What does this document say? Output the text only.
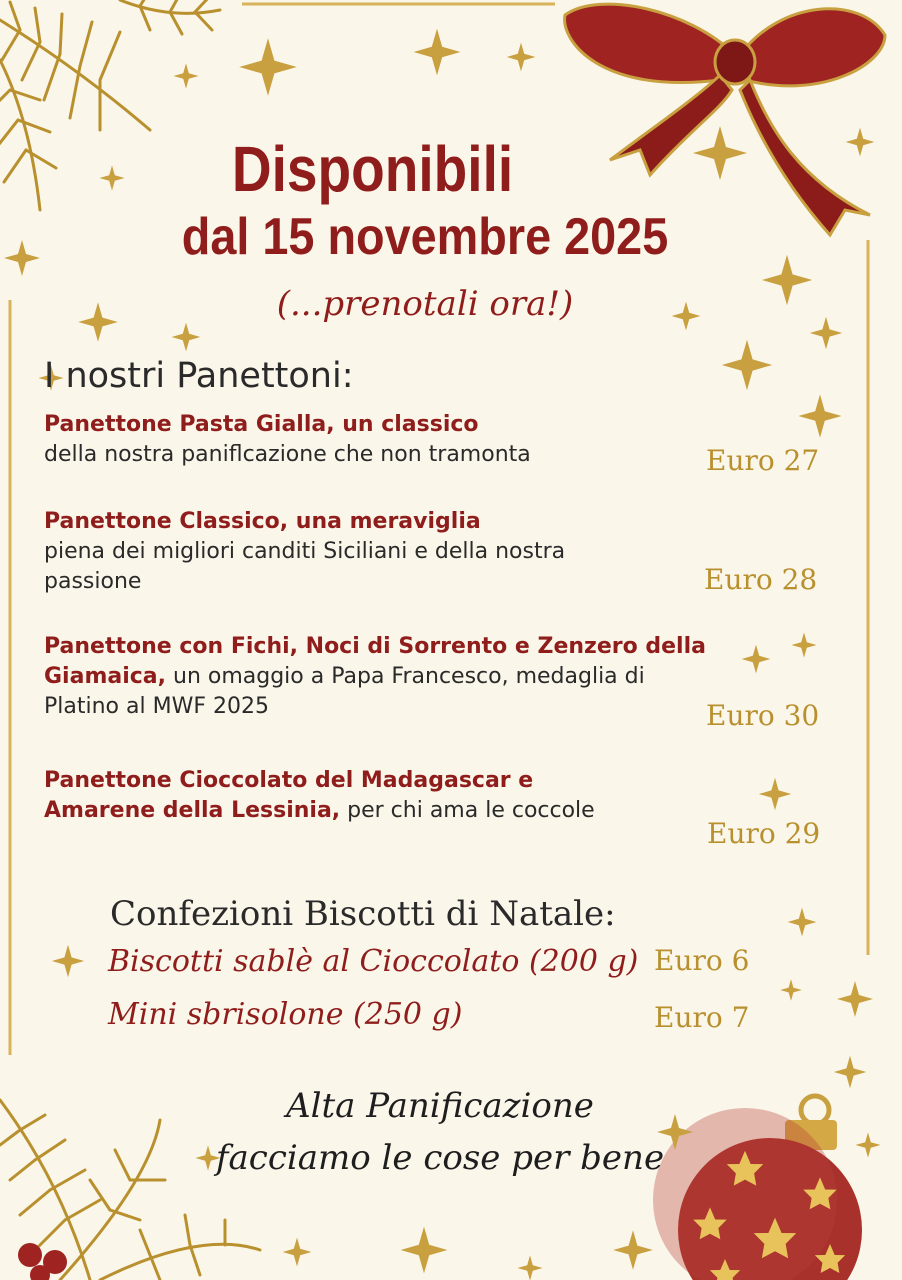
Disponibili
dal 15 novembre 2025
(...prenotali ora!)
I nostri Panettoni:
Panettone Pasta Gialla, un classico
della nostra paniflcazione che non tramonta	Euro 27
Panettone Classico, una meraviglia
piena dei migliori canditi Siciliani e della nostra passione	Euro 28
Panettone con Fichi, Noci di Sorrento e Zenzero della Giamaica, un omaggio a Papa Francesco, medaglia di Platino al MWF 2025	Euro 30
Panettone Cioccolato del Madagascar e Amarene della Lessinia, per chi ama le coccole
Euro 29
Confezioni Biscotti di Natale:
Biscotti sablè al Cioccolato (200 g) Euro 6
Mini sbrisolone (250 g)	Euro 7
Alta Panificazione
facciamo le cose per bene
